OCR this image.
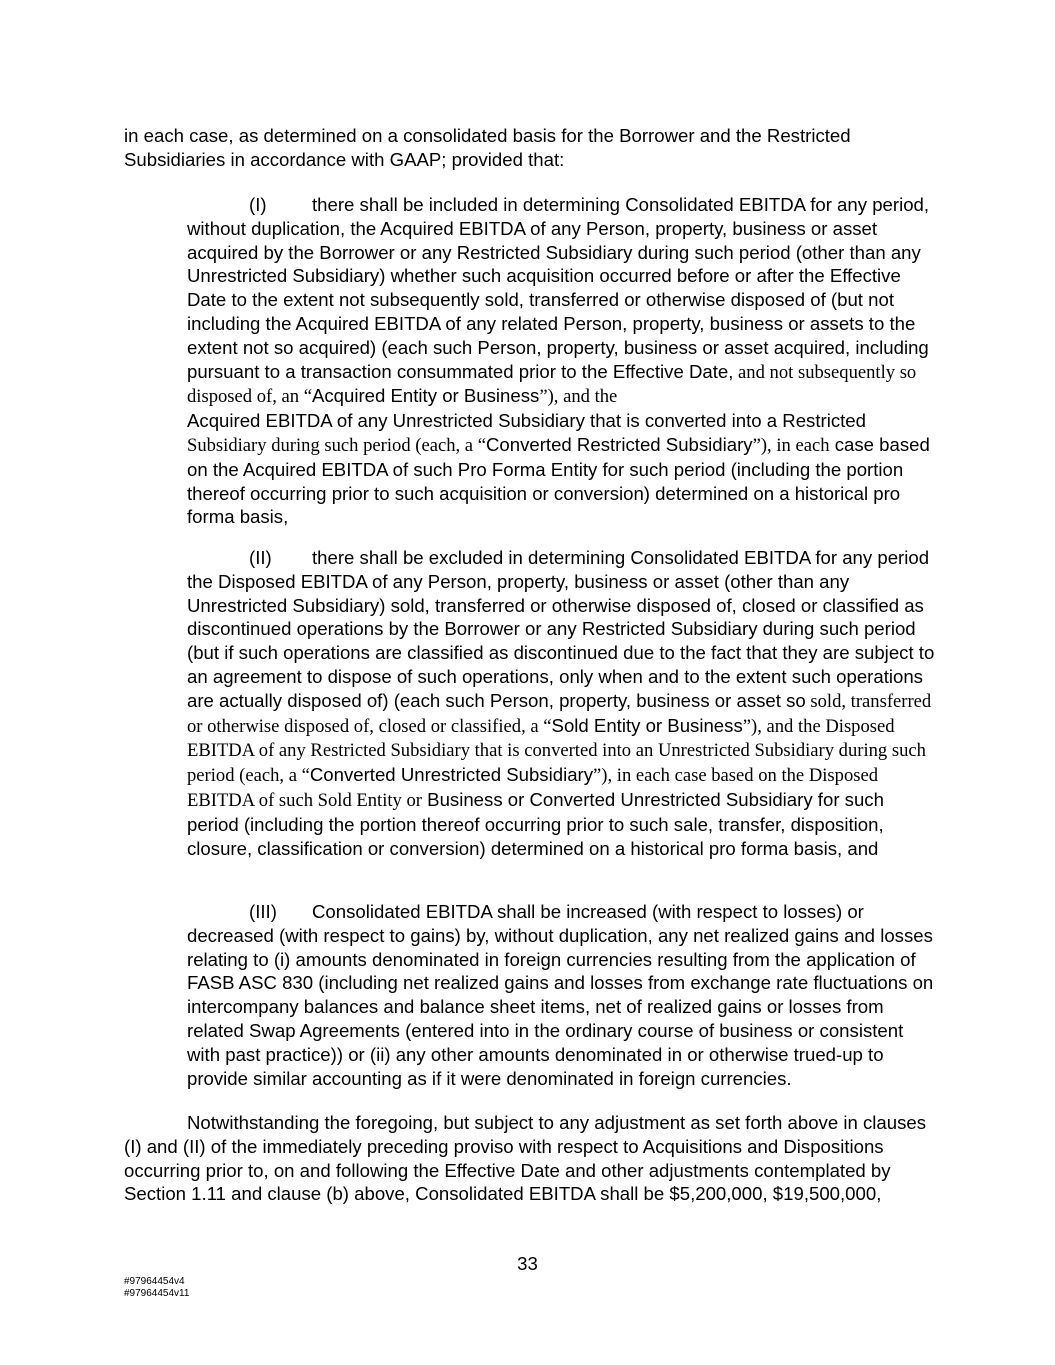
in each case, as determined on a consolidated basis for the Borrower and the Restricted Subsidiaries in accordance with GAAP; provided that:

(I) there shall be included in determining Consolidated EBITDA for any period, without duplication, the Acquired EBITDA of any Person, property, business or asset acquired by the Borrower or any Restricted Subsidiary during such period (other than any Unrestricted Subsidiary) whether such acquisition occurred before or after the Effective Date to the extent not subsequently sold, transferred or otherwise disposed of (but not including the Acquired EBITDA of any related Person, property, business or assets to the extent not so acquired) (each such Person, property, business or asset acquired, including pursuant to a transaction consummated prior to the Effective Date, and not subsequently so disposed of, an “Acquired Entity or Business”), and the
Acquired EBITDA of any Unrestricted Subsidiary that is converted into a Restricted
Subsidiary during such period (each, a “Converted Restricted Subsidiary”), in each case based on the Acquired EBITDA of such Pro Forma Entity for such period (including the portion thereof occurring prior to such acquisition or conversion) determined on a historical pro forma basis,

(II) there shall be excluded in determining Consolidated EBITDA for any period the Disposed EBITDA of any Person, property, business or asset (other than any Unrestricted Subsidiary) sold, transferred or otherwise disposed of, closed or classified as discontinued operations by the Borrower or any Restricted Subsidiary during such period (but if such operations are classified as discontinued due to the fact that they are subject to an agreement to dispose of such operations, only when and to the extent such operations are actually disposed of) (each such Person, property, business or asset so sold, transferred or otherwise disposed of, closed or classified, a “Sold Entity or Business”), and the Disposed EBITDA of any Restricted Subsidiary that is converted into an Unrestricted Subsidiary during such period (each, a “Converted Unrestricted Subsidiary”), in each case based on the Disposed EBITDA of such Sold Entity or Business or Converted Unrestricted Subsidiary for such period (including the portion thereof occurring prior to such sale, transfer, disposition, closure, classification or conversion) determined on a historical pro forma basis, and

(III) Consolidated EBITDA shall be increased (with respect to losses) or decreased (with respect to gains) by, without duplication, any net realized gains and losses relating to (i) amounts denominated in foreign currencies resulting from the application of FASB ASC 830 (including net realized gains and losses from exchange rate fluctuations on intercompany balances and balance sheet items, net of realized gains or losses from related Swap Agreements (entered into in the ordinary course of business or consistent with past practice)) or (ii) any other amounts denominated in or otherwise trued-up to provide similar accounting as if it were denominated in foreign currencies.

Notwithstanding the foregoing, but subject to any adjustment as set forth above in clauses (I) and (II) of the immediately preceding proviso with respect to Acquisitions and Dispositions occurring prior to, on and following the Effective Date and other adjustments contemplated by Section 1.11 and clause (b) above, Consolidated EBITDA shall be $5,200,000, $19,500,000,

33
#97964454v4
#97964454v11
